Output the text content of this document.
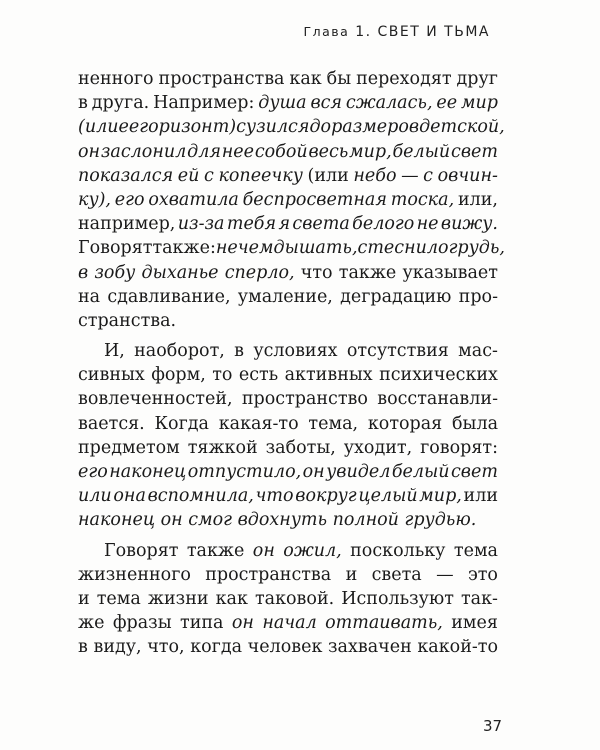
Глава 1. СВЕТ И ТЬМА
ненного пространства как бы переходят друг
в друга. Например: душа вся сжалась, ее мир
(или ее горизонт) сузился до размеров детской,
он заслонил для нее собой весь мир, белый свет
показался ей с копеечку (или небо — с овчин-
ку), его охватила беспросветная тоска, или,
например, из-за тебя я света белого не вижу.
Говорят также: нечем дышать, стеснило грудь,
в зобу дыханье сперло, что также указывает
на сдавливание, умаление, деградацию про-
странства.
И, наоборот, в условиях отсутствия мас-
сивных форм, то есть активных психических
вовлеченностей, пространство восстанавли-
вается. Когда какая-то тема, которая была
предметом тяжкой заботы, уходит, говорят:
его наконец отпустило, он увидел белый свет
или она вспомнила, что вокруг целый мир, или
наконец
он
смог
вдохнуть
полной
грудью.
Говорят также он ожил, поскольку тема
жизненного пространства и света — это
и тема жизни как таковой. Используют так-
же фразы типа он начал оттаивать, имея
в виду, что, когда человек захвачен какой-то
37
